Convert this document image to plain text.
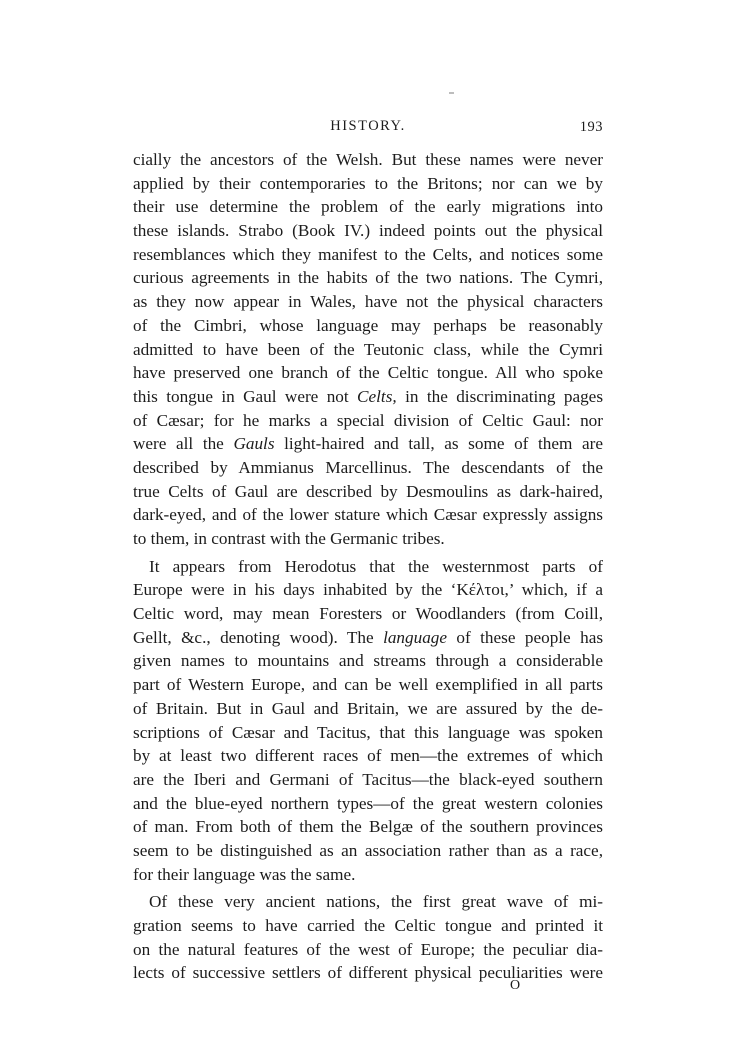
HISTORY.	193
cially the ancestors of the Welsh. But these names were never
applied by their contemporaries to the Britons; nor can we by
their use determine the problem of the early migrations into
these islands. Strabo (Book IV.) indeed points out the physical
resemblances which they manifest to the Celts, and notices some
curious agreements in the habits of the two nations. The Cymri,
as they now appear in Wales, have not the physical characters
of the Cimbri, whose language may perhaps be reasonably
admitted to have been of the Teutonic class, while the Cymri
have preserved one branch of the Celtic tongue. All who spoke
this tongue in Gaul were not Celts, in the discriminating pages
of Cæsar; for he marks a special division of Celtic Gaul: nor
were all the Gauls light-haired and tall, as some of them are
described by Ammianus Marcellinus. The descendants of the
true Celts of Gaul are described by Desmoulins as dark-haired,
dark-eyed, and of the lower stature which Cæsar expressly assigns
to them, in contrast with the Germanic tribes.
It appears from Herodotus that the westernmost parts of
Europe were in his days inhabited by the ‘Κέλτοι,’ which, if a
Celtic word, may mean Foresters or Woodlanders (from Coill,
Gellt, &c., denoting wood). The language of these people has
given names to mountains and streams through a considerable
part of Western Europe, and can be well exemplified in all parts
of Britain. But in Gaul and Britain, we are assured by the de-
scriptions of Cæsar and Tacitus, that this language was spoken
by at least two different races of men—the extremes of which
are the Iberi and Germani of Tacitus—the black-eyed southern
and the blue-eyed northern types—of the great western colonies
of man. From both of them the Belgæ of the southern provinces
seem to be distinguished as an association rather than as a race,
for their language was the same.
Of these very ancient nations, the first great wave of mi-
gration seems to have carried the Celtic tongue and printed it
on the natural features of the west of Europe; the peculiar dia-
lects of successive settlers of different physical peculiarities were
O
